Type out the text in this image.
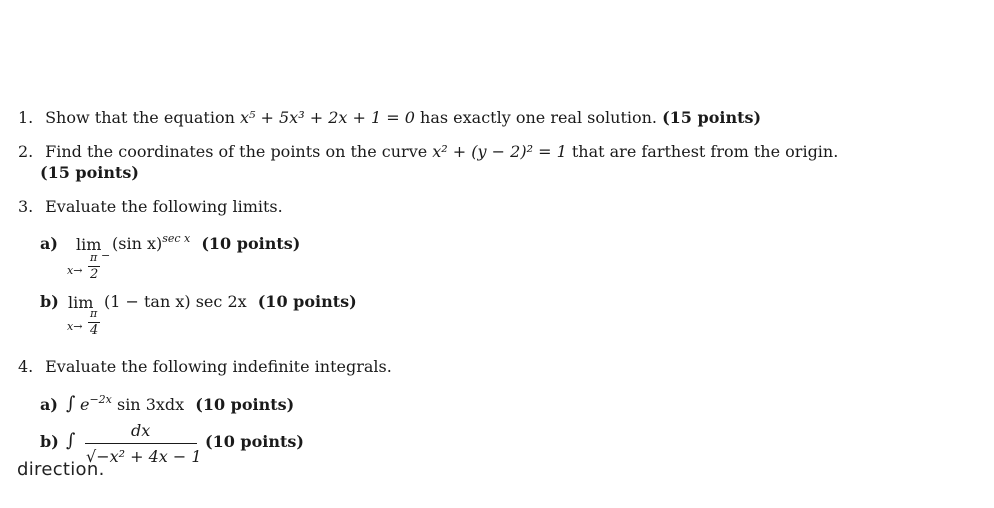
1. Show that the equation x⁵ + 5x³ + 2x + 1 = 0 has exactly one real solution. (15 points)
2. Find the coordinates of the points on the curve x² + (y − 2)² = 1 that are farthest from the origin.
(15 points)
3. Evaluate the following limits.
a) lim (sin x)$^{sec x}$ (10 points)
x→
π −
2
b) lim (1 − tan x) sec 2x (10 points)
x→
π
4
4. Evaluate the following indefinite integrals.
a) ∫ $e^{-2x}$ sin 3xdx (10 points)
b) ∫	dx
√−x² + 4x − 1
(10 points)
direction.
